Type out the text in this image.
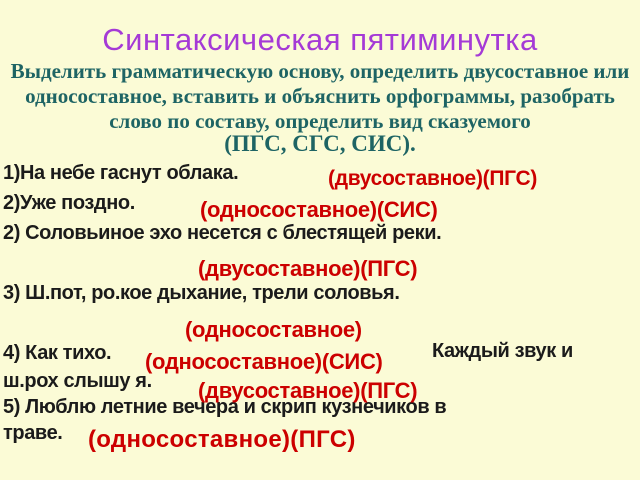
Синтаксическая пятиминутка
Выделить грамматическую основу, определить двусоставное или
односоставное, вставить и объяснить орфограммы, разобрать
слово по составу, определить вид сказуемого
(ПГС, СГС, СИС).
1)На небе гаснут облака.
2)Уже поздно.
2) Соловьиное эхо несется с блестящей реки.
3) Ш.пот, ро.кое дыхание, трели соловья.
4) Как тихо.	Каждый звук и
ш.рох слышу я.
5) Люблю летние вечера и скрип кузнечиков в
траве.
(двусоставное)(ПГС)
(односоставное)(СИС)
(двусоставное)(ПГС)
(односоставное)
(односоставное)(СИС)
(двусоставное)(ПГС)
(односоставное)(ПГС)
